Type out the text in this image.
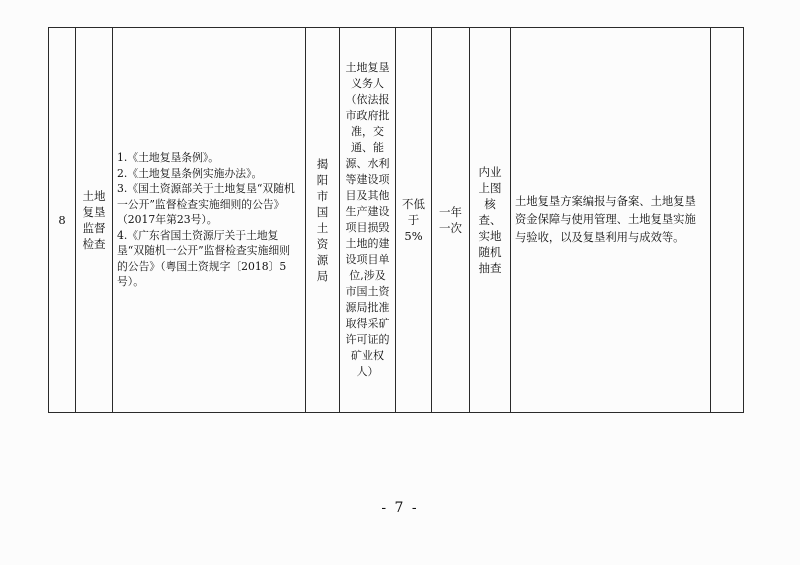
8	土地复垦监督检查	
1.《土地复垦条例》。
2.《土地复垦条例实施办法》。
3.《国土资源部关于土地复垦“双随机一公开”监督检查实施细则的公告》（2017年第23号）。
4.《广东省国土资源厅关于土地复垦“双随机一公开”监督检查实施细则的公告》（粤国土资规字〔2018〕5号）。
	揭阳市国土资源局	土地复垦义务人（依法报市政府批准，交通、能源、水利等建设项目及其他生产建设项目损毁土地的建设项目单位,涉及市国土资源局批准取得采矿许可证的矿业权人）	不低于5%	一年一次	内业上图核查、实地随机抽查	土地复垦方案编报与备案、土地复垦资金保障与使用管理、土地复垦实施与验收，以及复垦利用与成效等。	
- 7 -
